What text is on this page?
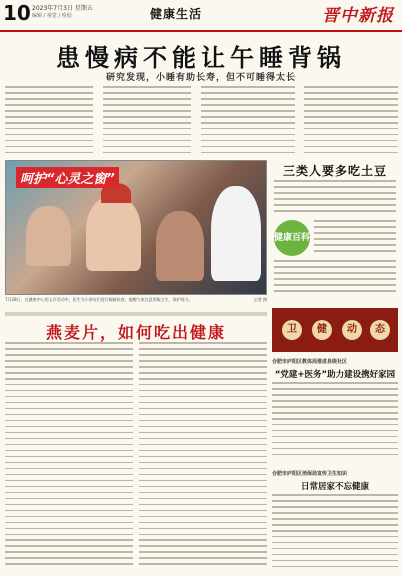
10 2023年7月3日 星期五
编辑 / 视觉 / 检校	健康生活	晋中新报
患慢病不能让午睡背锅
研究发现，小睡有助长寿，但不可睡得太长
呵护“心灵之窗”
7月28日，在健康中心的义诊活动中，医生为小朋友们进行眼睛检查，提醒大家注意用眼卫生，保护视力。	记者 摄
三类人要多吃土豆
健康百科
燕麦片，如何吃出健康	卫	健	动	态
合肥市庐阳区教体局推进县级社区
“党建+医务”助力建设携好家园
合肥市庐阳区消保局宣传卫生知识
日常居家不忘健康
